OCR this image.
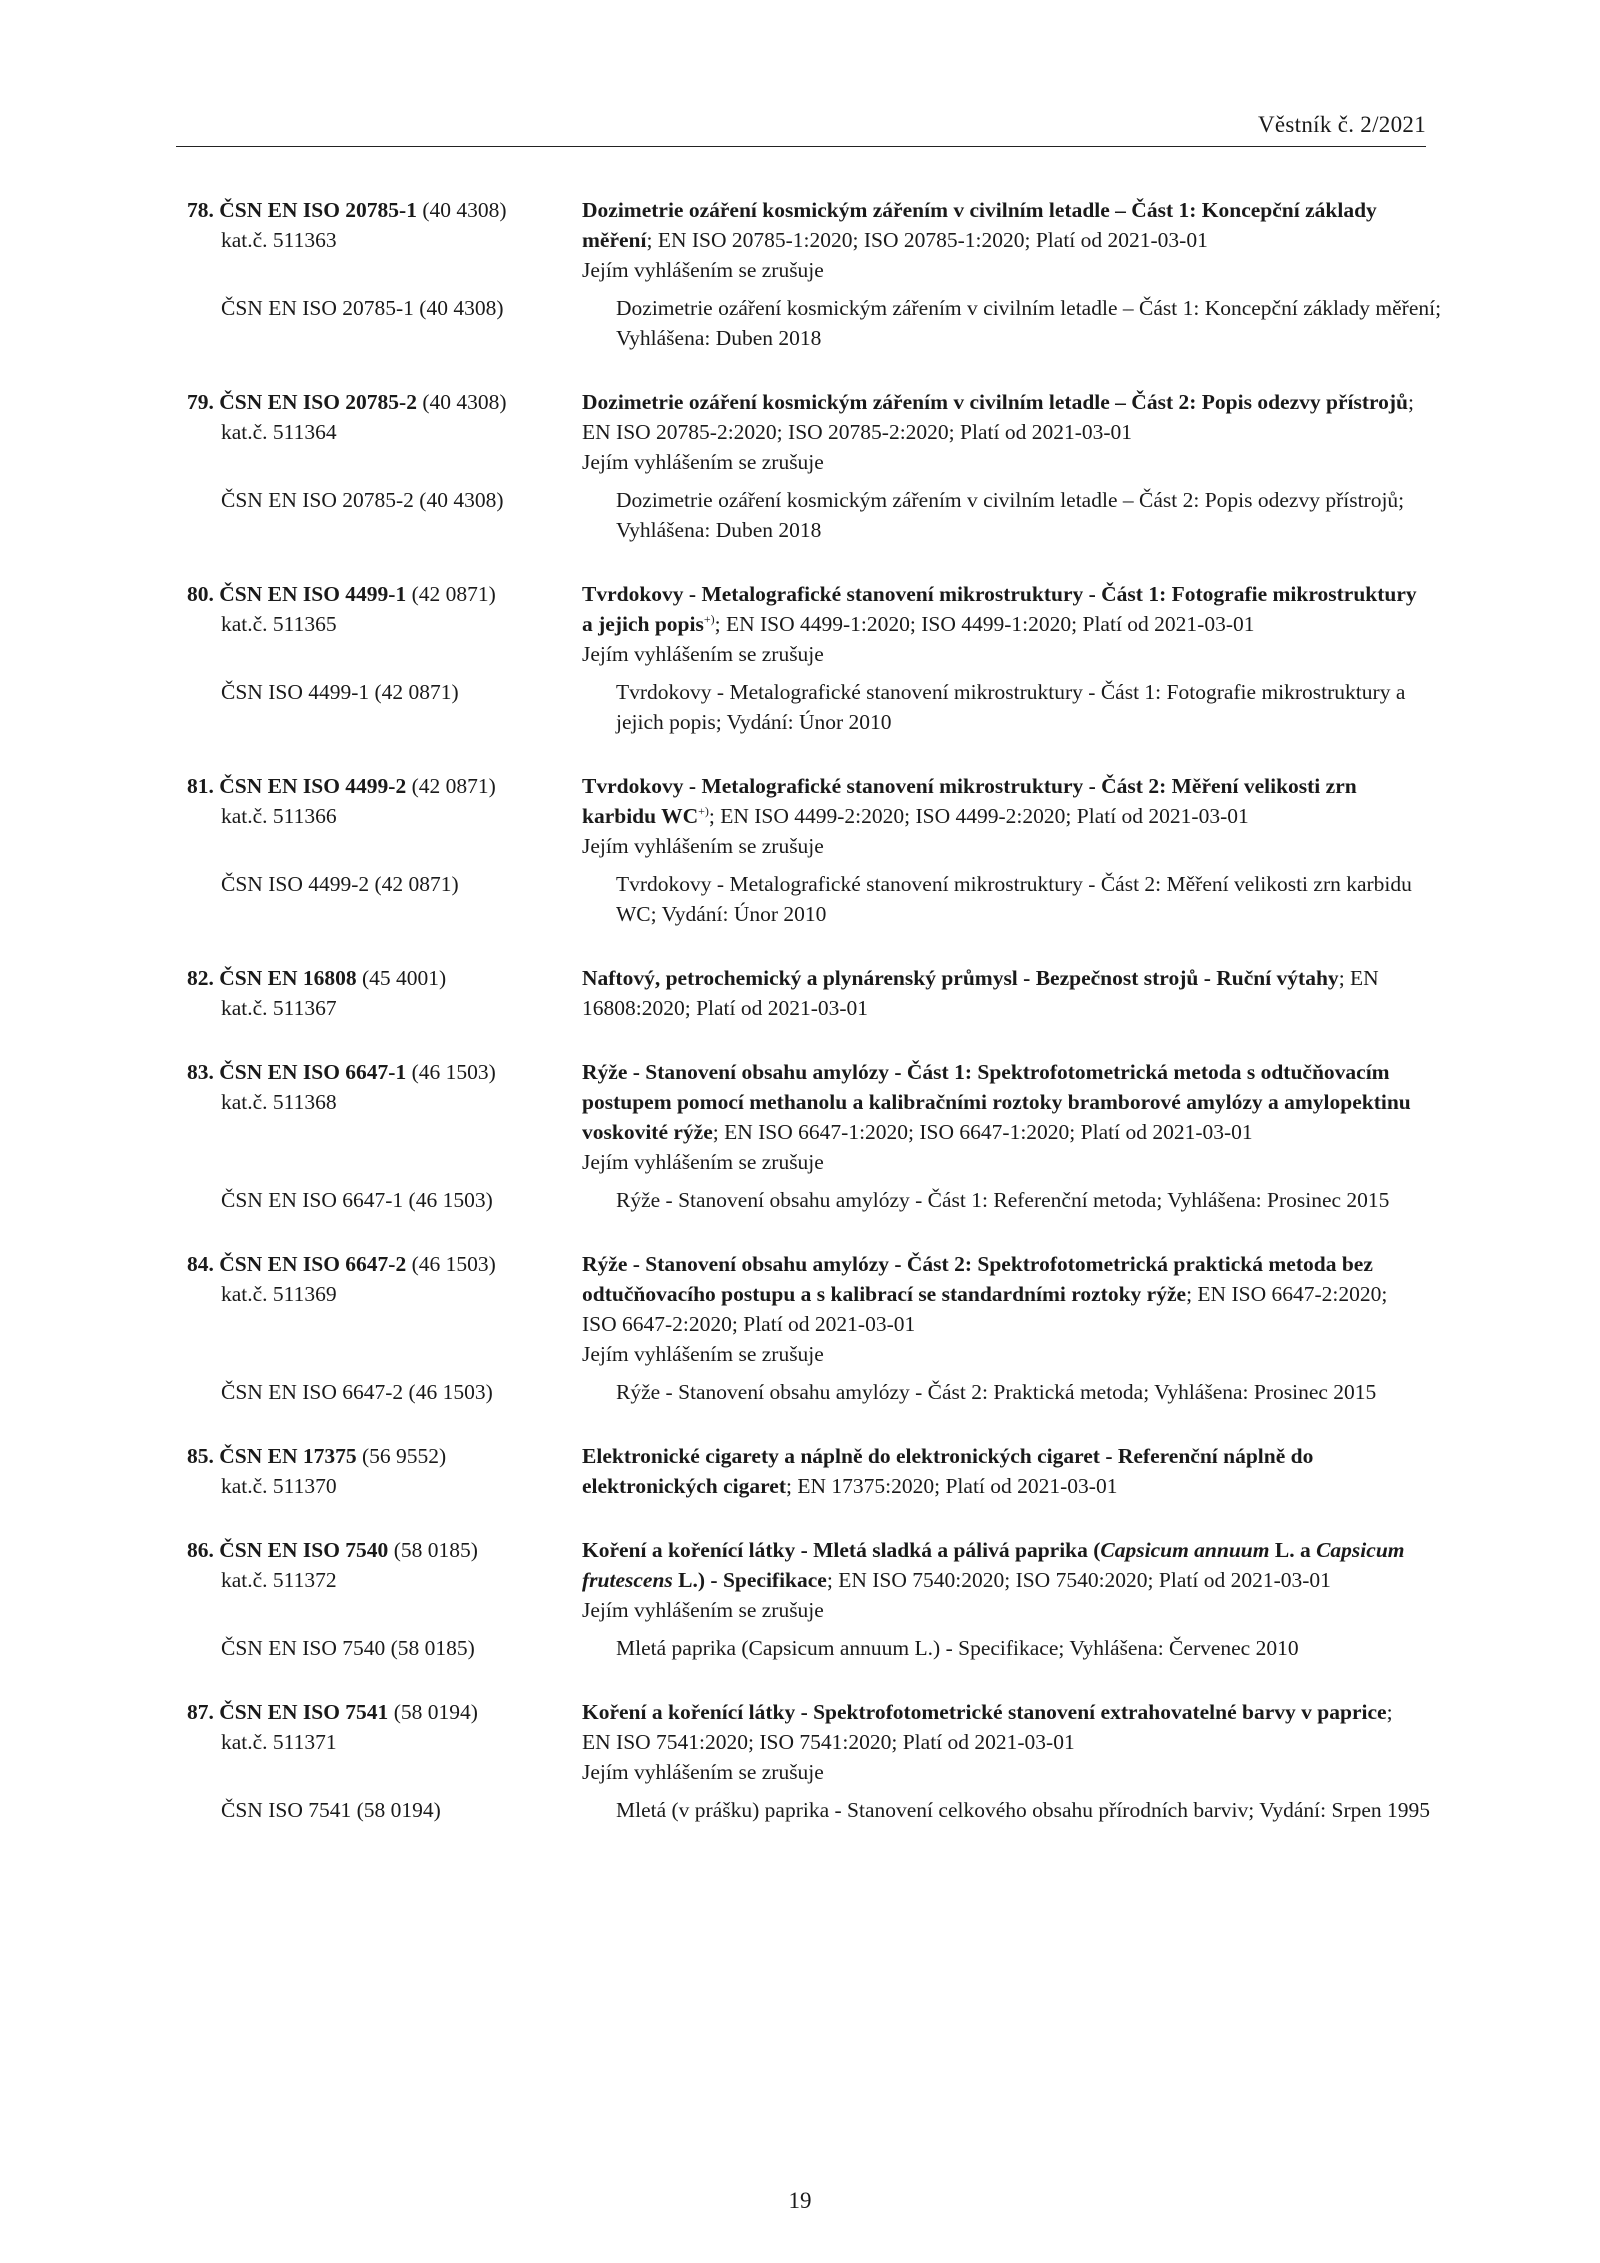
Věstník č. 2/2021
78. ČSN EN ISO 20785-1 (40 4308)
kat.č. 511363
Dozimetrie ozáření kosmickým zářením v civilním letadle – Část 1: Koncepční základy měření; EN ISO 20785-1:2020; ISO 20785-1:2020; Platí od 2021-03-01
Jejím vyhlášením se zrušuje
ČSN EN ISO 20785-1 (40 4308)	Dozimetrie ozáření kosmickým zářením v civilním letadle – Část 1: Koncepční základy měření; Vyhlášena: Duben 2018
79. ČSN EN ISO 20785-2 (40 4308)
kat.č. 511364
Dozimetrie ozáření kosmickým zářením v civilním letadle – Část 2: Popis odezvy přístrojů; EN ISO 20785-2:2020; ISO 20785-2:2020; Platí od 2021-03-01
Jejím vyhlášením se zrušuje
ČSN EN ISO 20785-2 (40 4308)	Dozimetrie ozáření kosmickým zářením v civilním letadle – Část 2: Popis odezvy přístrojů; Vyhlášena: Duben 2018
80. ČSN EN ISO 4499-1 (42 0871)
kat.č. 511365
Tvrdokovy - Metalografické stanovení mikrostruktury - Část 1: Fotografie mikrostruktury a jejich popis+); EN ISO 4499-1:2020; ISO 4499-1:2020; Platí od 2021-03-01
Jejím vyhlášením se zrušuje
ČSN ISO 4499-1 (42 0871)	Tvrdokovy - Metalografické stanovení mikrostruktury - Část 1: Fotografie mikrostruktury a jejich popis; Vydání: Únor 2010
81. ČSN EN ISO 4499-2 (42 0871)
kat.č. 511366
Tvrdokovy - Metalografické stanovení mikrostruktury - Část 2: Měření velikosti zrn karbidu WC+); EN ISO 4499-2:2020; ISO 4499-2:2020; Platí od 2021-03-01
Jejím vyhlášením se zrušuje
ČSN ISO 4499-2 (42 0871)	Tvrdokovy - Metalografické stanovení mikrostruktury - Část 2: Měření velikosti zrn karbidu WC; Vydání: Únor 2010
82. ČSN EN 16808 (45 4001)
kat.č. 511367
Naftový, petrochemický a plynárenský průmysl - Bezpečnost strojů - Ruční výtahy; EN 16808:2020; Platí od 2021-03-01
83. ČSN EN ISO 6647-1 (46 1503)
kat.č. 511368
Rýže - Stanovení obsahu amylózy - Část 1: Spektrofotometrická metoda s odtučňovacím postupem pomocí methanolu a kalibračními roztoky bramborové amylózy a amylopektinu voskovité rýže; EN ISO 6647-1:2020; ISO 6647-1:2020; Platí od 2021-03-01
Jejím vyhlášením se zrušuje
ČSN EN ISO 6647-1 (46 1503)	Rýže - Stanovení obsahu amylózy - Část 1: Referenční metoda; Vyhlášena: Prosinec 2015
84. ČSN EN ISO 6647-2 (46 1503)
kat.č. 511369
Rýže - Stanovení obsahu amylózy - Část 2: Spektrofotometrická praktická metoda bez odtučňovacího postupu a s kalibrací se standardními roztoky rýže; EN ISO 6647-2:2020; ISO 6647-2:2020; Platí od 2021-03-01
Jejím vyhlášením se zrušuje
ČSN EN ISO 6647-2 (46 1503)	Rýže - Stanovení obsahu amylózy - Část 2: Praktická metoda; Vyhlášena: Prosinec 2015
85. ČSN EN 17375 (56 9552)
kat.č. 511370
Elektronické cigarety a náplně do elektronických cigaret - Referenční náplně do elektronických cigaret; EN 17375:2020; Platí od 2021-03-01
86. ČSN EN ISO 7540 (58 0185)
kat.č. 511372
Koření a kořenící látky - Mletá sladká a pálivá paprika (Capsicum annuum L. a Capsicum frutescens L.) - Specifikace; EN ISO 7540:2020; ISO 7540:2020; Platí od 2021-03-01
Jejím vyhlášením se zrušuje
ČSN EN ISO 7540 (58 0185)	Mletá paprika (Capsicum annuum L.) - Specifikace; Vyhlášena: Červenec 2010
87. ČSN EN ISO 7541 (58 0194)
kat.č. 511371
Koření a kořenící látky - Spektrofotometrické stanovení extrahovatelné barvy v paprice; EN ISO 7541:2020; ISO 7541:2020; Platí od 2021-03-01
Jejím vyhlášením se zrušuje
ČSN ISO 7541 (58 0194)	Mletá (v prášku) paprika - Stanovení celkového obsahu přírodních barviv; Vydání: Srpen 1995
19
